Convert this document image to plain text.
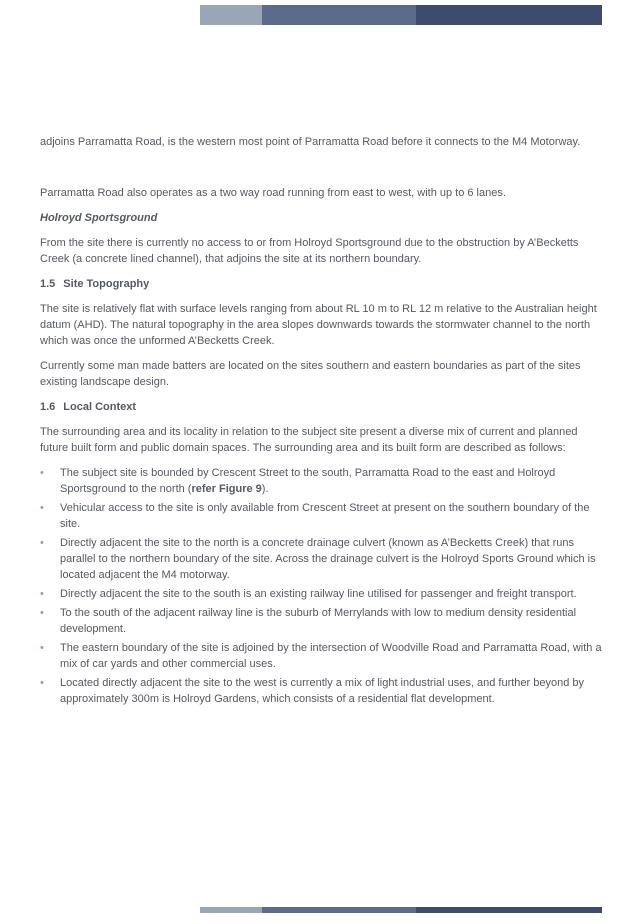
adjoins Parramatta Road, is the western most point of Parramatta Road before it connects to the M4 Motorway.

Parramatta Road also operates as a two way road running from east to west, with up to 6 lanes.

Holroyd Sportsground

From the site there is currently no access to or from Holroyd Sportsground due to the obstruction by A’Becketts Creek (a concrete lined channel), that adjoins the site at its northern boundary.

1.5 Site Topography

The site is relatively flat with surface levels ranging from about RL 10 m to RL 12 m relative to the Australian height datum (AHD). The natural topography in the area slopes downwards towards the stormwater channel to the north which was once the unformed A’Becketts Creek.

Currently some man made batters are located on the sites southern and eastern boundaries as part of the sites existing landscape design.

1.6 Local Context

The surrounding area and its locality in relation to the subject site present a diverse mix of current and planned future built form and public domain spaces. The surrounding area and its built form are described as follows:

• The subject site is bounded by Crescent Street to the south, Parramatta Road to the east and Holroyd Sportsground to the north (refer Figure 9).
• Vehicular access to the site is only available from Crescent Street at present on the southern boundary of the site.
• Directly adjacent the site to the north is a concrete drainage culvert (known as A’Becketts Creek) that runs parallel to the northern boundary of the site. Across the drainage culvert is the Holroyd Sports Ground which is located adjacent the M4 motorway.
• Directly adjacent the site to the south is an existing railway line utilised for passenger and freight transport.
• To the south of the adjacent railway line is the suburb of Merrylands with low to medium density residential development.
• The eastern boundary of the site is adjoined by the intersection of Woodville Road and Parramatta Road, with a mix of car yards and other commercial uses.
• Located directly adjacent the site to the west is currently a mix of light industrial uses, and further beyond by approximately 300m is Holroyd Gardens, which consists of a residential flat development.
